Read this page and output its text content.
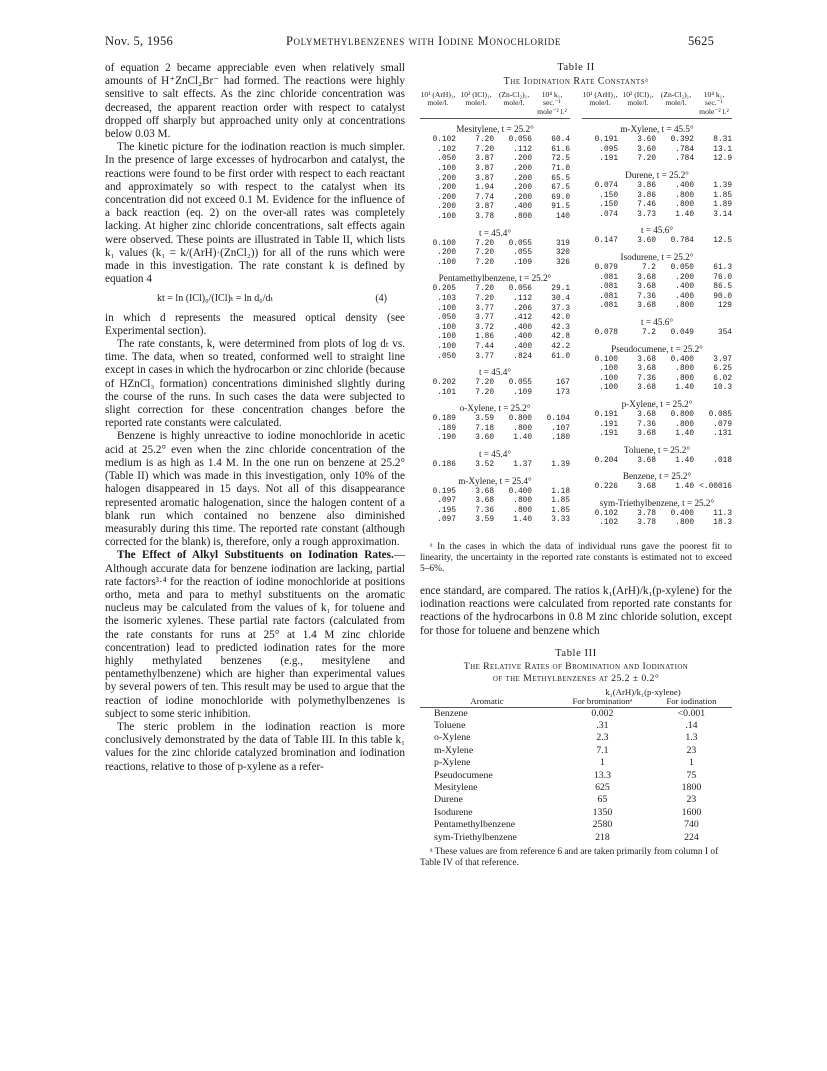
Nov. 5, 1956	Polymethylbenzenes with Iodine Monochloride	5625

of equation 2 became appreciable even when relatively small amounts of H⁺ZnCl₂Br⁻ had formed. The reactions were highly sensitive to salt effects. As the zinc chloride concentration was decreased, the apparent reaction order with respect to catalyst dropped off sharply but approached unity only at concentrations below 0.03 M.

The kinetic picture for the iodination reaction is much simpler. In the presence of large excesses of hydrocarbon and catalyst, the reactions were found to be first order with respect to each reactant and approximately so with respect to the catalyst when its concentration did not exceed 0.1 M. Evidence for the influence of a back reaction (eq. 2) on the over-all rates was completely lacking. At higher zinc chloride concentrations, salt effects again were observed. These points are illustrated in Table II, which lists k₁ values (k₁ = k/(ArH)·(ZnCl₂)) for all of the runs which were made in this investigation. The rate constant k is defined by equation 4

kt = ln (ICl)₀/(ICl)ₜ = ln d₀/dₜ	(4)

in which d represents the measured optical density (see Experimental section).

The rate constants, k, were determined from plots of log dₜ vs. time. The data, when so treated, conformed well to straight line except in cases in which the hydrocarbon or zinc chloride (because of HZnCl₃ formation) concentrations diminished slightly during the course of the runs. In such cases the data were subjected to slight correction for these concentration changes before the reported rate constants were calculated.

Benzene is highly unreactive to iodine monochloride in acetic acid at 25.2° even when the zinc chloride concentration of the medium is as high as 1.4 M. In the one run on benzene at 25.2° (Table II) which was made in this investigation, only 10% of the halogen disappeared in 15 days. Not all of this disappearance represented aromatic halogenation, since the halogen content of a blank run which contained no benzene also diminished measurably during this time. The reported rate constant (although corrected for the blank) is, therefore, only a rough approximation.

The Effect of Alkyl Substituents on Iodination Rates.—Although accurate data for benzene iodination are lacking, partial rate factors³·⁴ for the reaction of iodine monochloride at positions ortho, meta and para to methyl substituents on the aromatic nucleus may be calculated from the values of k₁ for toluene and the isomeric xylenes. These partial rate factors (calculated from the rate constants for runs at 25° at 1.4 M zinc chloride concentration) lead to predicted iodination rates for the more highly methylated benzenes (e.g., mesitylene and pentamethylbenzene) which are higher than experimental values by several powers of ten. This result may be used to argue that the reaction of iodine monochloride with polymethylbenzenes is subject to some steric inhibition.

The steric problem in the iodination reaction is more conclusively demonstrated by the data of Table III. In this table k₁ values for the zinc chloride catalyzed bromination and iodination reactions, relative to those of p-xylene as a refer-

Table II
The Iodination Rate Constantsᵃ
10¹ (ArH)₁, mole/l.
10² (ICl)₁, mole/l.
(Zn-Cl₂)₁, mole/l.
10⁴ k₁, sec.⁻¹ mole⁻² l.²
Mesitylene, t = 25.2°
0.102	7.20	0.056	60.4
.102	7.20	.112	61.6
.050	3.87	.200	72.5
.100	3.87	.200	71.0
.200	3.87	.200	65.5
.200	1.94	.200	67.5
.200	7.74	.200	69.0
.200	3.87	.400	91.5
.100	3.78	.800	140
t = 45.4°
0.100	7.20	0.055	319
.200	7.20	.055	320
.100	7.20	.109	326
Pentamethylbenzene, t = 25.2°
0.205	7.20	0.056	29.1
.103	7.20	.112	30.4
.100	3.77	.206	37.3
.050	3.77	.412	42.0
.100	3.72	.400	42.3
.100	1.86	.400	42.8
.100	7.44	.400	42.2
.050	3.77	.824	61.0
t = 45.4°
0.202	7.20	0.055	167
.101	7.20	.109	173
o-Xylene, t = 25.2°
0.189	3.59	0.800	0.104
.189	7.18	.800	.107
.190	3.60	1.40	.180
t = 45.4°
0.186	3.52	1.37	1.39
m-Xylene, t = 25.4°
0.195	3.68	0.400	1.18
.097	3.68	.800	1.85
.195	7.36	.800	1.85
.097	3.59	1.40	3.33
10¹ (ArH)₁, mole/l.
10² (ICl)₁, mole/l.
(Zn-Cl₂)₁, mole/l.
10⁴ k₁, sec.⁻¹ mole⁻² l.²
m-Xylene, t = 45.5°
0.191	3.60	0.392	8.31
.095	3.60	.784	13.1
.191	7.20	.784	12.9
Durene, t = 25.2°
0.074	3.86	.400	1.39
.150	3.86	.800	1.85
.150	7.46	.800	1.89
.074	3.73	1.40	3.14
t = 45.6°
0.147	3.60	0.784	12.5
Isodurene, t = 25.2°
0.079	7.2	0.050	61.3
.081	3.68	.200	76.0
.081	3.68	.400	86.5
.081	7.36	.400	90.0
.081	3.68	.800	129
t = 45.6°
0.078	7.2	0.049	354
Pseudocumene, t = 25.2°
0.100	3.68	0.400	3.97
.100	3.68	.800	6.25
.100	7.36	.800	6.02
.100	3.68	1.40	10.3
p-Xylene, t = 25.2°
0.191	3.68	0.800	0.085
.191	7.36	.800	.079
.191	3.68	1.40	.131
Toluene, t = 25.2°
0.204	3.68	1.40	.018
Benzene, t = 25.2°
0.226	3.68	1.40 <.00016
sym-Triethylbenzene, t = 25.2°
0.102	3.78	0.400	11.3
.102	3.78	.800	18.3
ᵃ In the cases in which the data of individual runs gave the poorest fit to linearity, the uncertainty in the reported rate constants is estimated not to exceed 5–6%.
ence standard, are compared. The ratios k₁(ArH)/k₁(p-xylene) for the iodination reactions were calculated from reported rate constants for reactions of the hydrocarbons in 0.8 M zinc chloride solution, except for those for toluene and benzene which
Table III
The Relative Rates of Bromination and Iodination
of the Methylbenzenes at 25.2 ± 0.2°
Aromatic	k₁(ArH)/k₁(p-xylene)	
	For brominationᵃ	For iodination
Benzene	0.002	<0.001
Toluene	.31	.14
o-Xylene	2.3	1.3
m-Xylene	7.1	23
p-Xylene	1	1
Pseudocumene	13.3	75
Mesitylene	625	1800
Durene	65	23
Isodurene	1350	1600
Pentamethylbenzene	2580	740
sym-Triethylbenzene	218	224
ᵃ These values are from reference 6 and are taken primarily from column I of Table IV of that reference.
